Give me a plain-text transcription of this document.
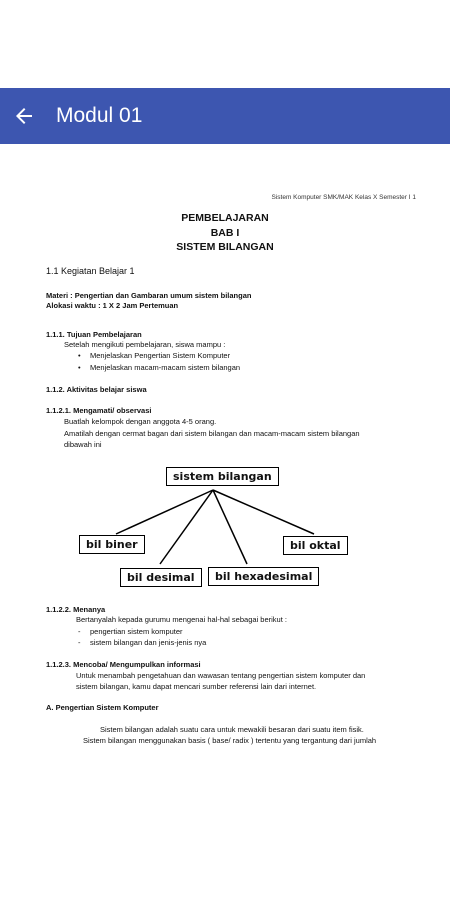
Modul 01
Sistem Komputer SMK/MAK Kelas X Semester I 1
PEMBELAJARAN
BAB I
SISTEM BILANGAN
1.1 Kegiatan Belajar 1
Materi : Pengertian dan Gambaran umum sistem bilangan
Alokasi waktu : 1 X 2 Jam Pertemuan
1.1.1. Tujuan Pembelajaran
Setelah mengikuti pembelajaran, siswa mampu :
• Menjelaskan Pengertian Sistem Komputer
• Menjelaskan macam-macam sistem bilangan
1.1.2. Aktivitas belajar siswa
1.1.2.1. Mengamati/ observasi
Buatlah kelompok dengan anggota 4-5 orang.
Amatilah dengan cermat bagan dari sistem bilangan dan macam-macam sistem bilangan
dibawah ini
sistem bilangan
bil biner
bil desimal	bil hexadesimal
bil oktal
1.1.2.2. Menanya
Bertanyalah kepada gurumu mengenai hal-hal sebagai berikut :
- pengertian sistem komputer
- sistem bilangan dan jenis-jenis nya
1.1.2.3. Mencoba/ Mengumpulkan informasi
Untuk menambah pengetahuan dan wawasan tentang pengertian sistem komputer dan
sistem bilangan, kamu dapat mencari sumber referensi lain dari internet.
A. Pengertian Sistem Komputer
Sistem bilangan adalah suatu cara untuk mewakili besaran dari suatu item fisik.
Sistem bilangan menggunakan basis ( base/ radix ) tertentu yang tergantung dari jumlah
